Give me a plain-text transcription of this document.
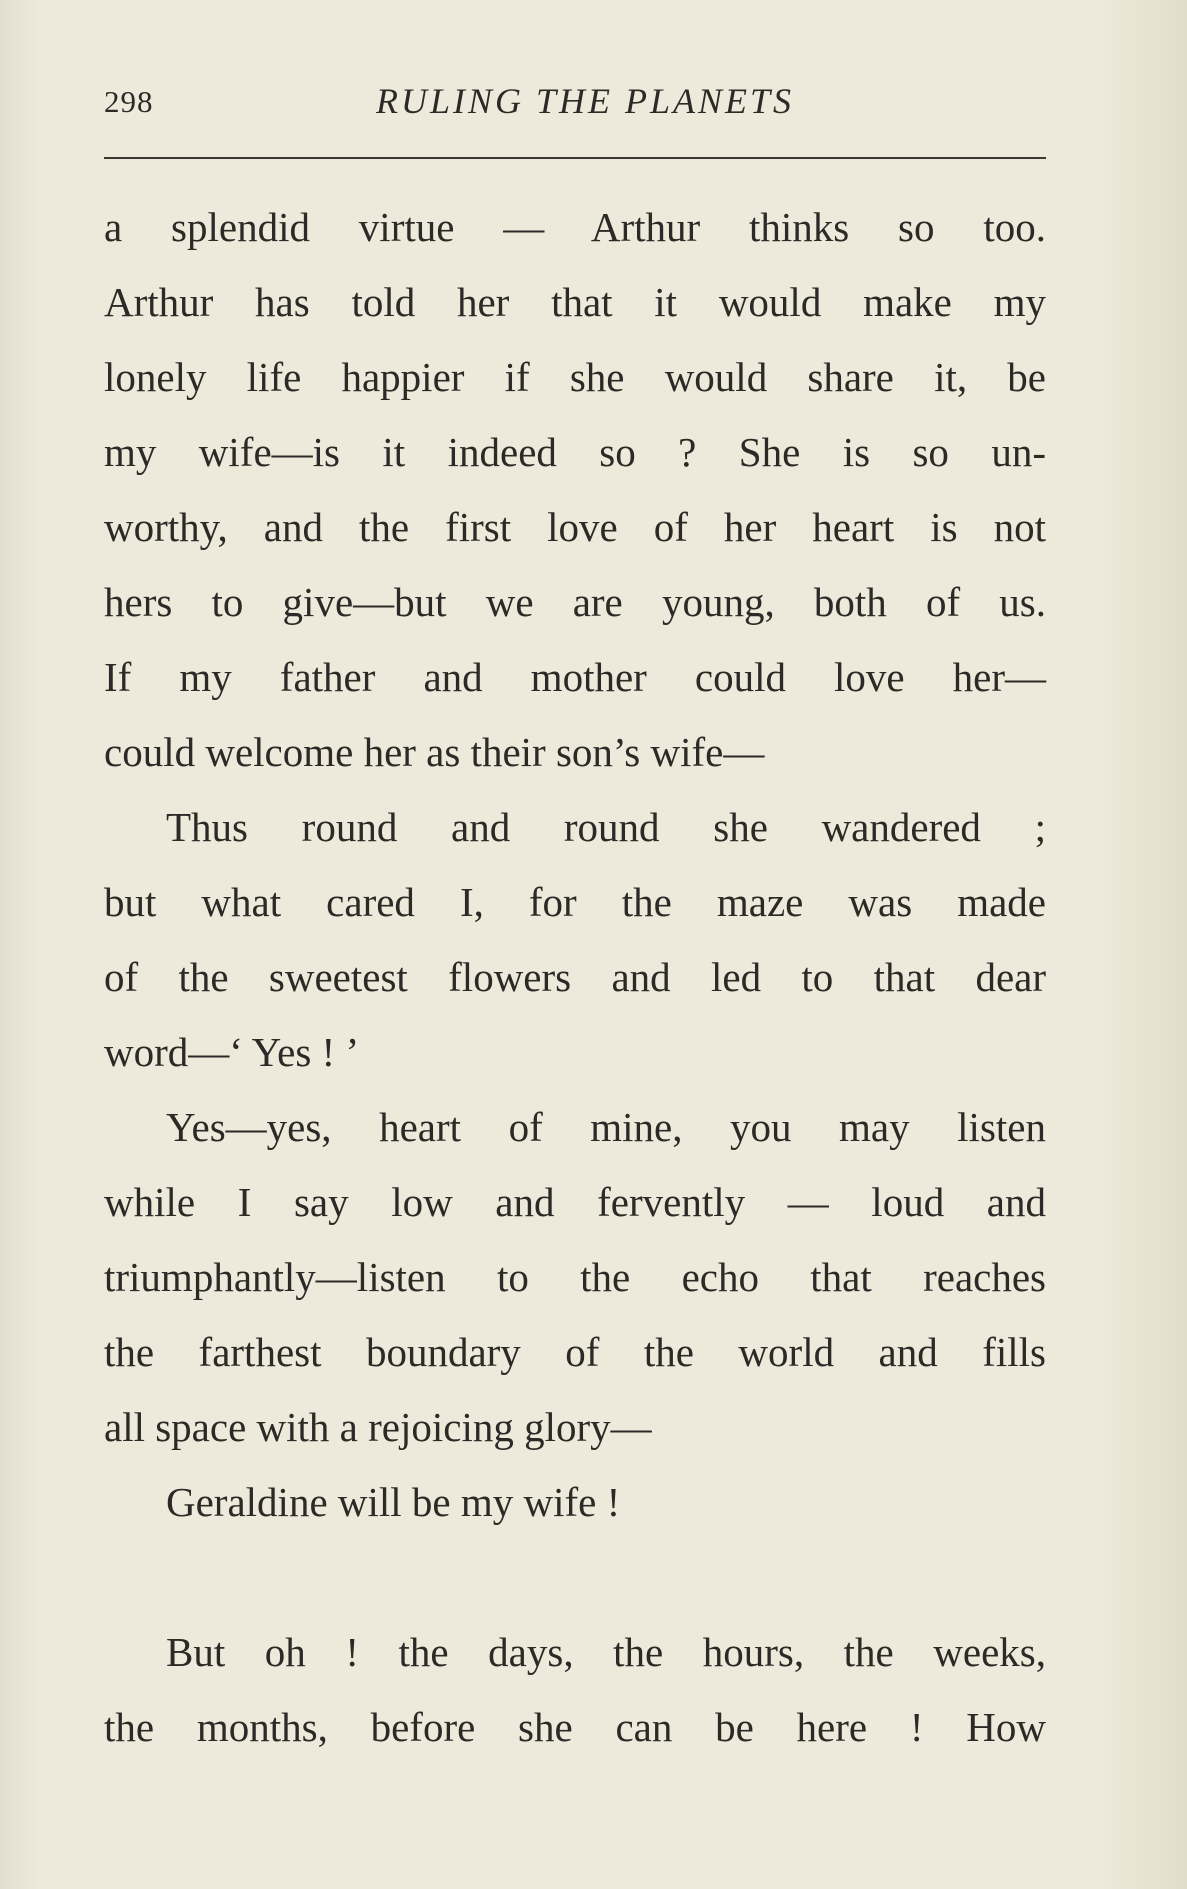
298	RULING THE PLANETS
a splendid virtue — Arthur thinks so too.
Arthur has told her that it would make my
lonely life happier if she would share it, be
my wife—is it indeed so ? She is so un-
worthy, and the first love of her heart is not
hers to give—but we are young, both of us.
If my father and mother could love her—
could welcome her as their son’s wife—
Thus round and round she wandered ;
but what cared I, for the maze was made
of the sweetest flowers and led to that dear
word—‘ Yes ! ’
Yes—yes, heart of mine, you may listen
while I say low and fervently — loud and
triumphantly—listen to the echo that reaches
the farthest boundary of the world and fills
all space with a rejoicing glory—
Geraldine will be my wife !
But oh ! the days, the hours, the weeks,
the months, before she can be here ! How
